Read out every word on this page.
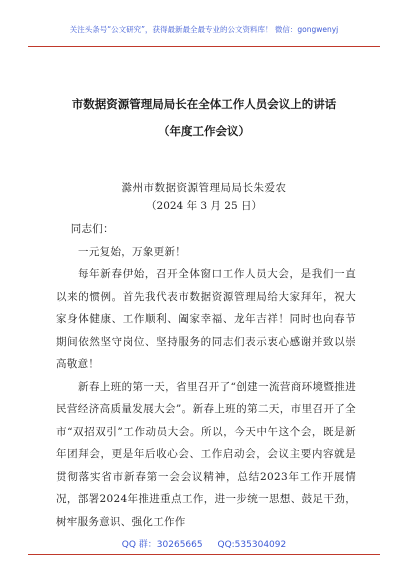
关注头条号“公文研究”，获得最新最全最专业的公文资料库！ 微信：gongwenyj
市数据资源管理局局长在全体工作人员会议上的讲话
（年度工作会议）
滁州市数据资源管理局局长朱爱农
（2024 年 3 月 25 日）

同志们：

一元复始，万象更新！

每年新春伊始，召开全体窗口工作人员大会，是我们一直以来的惯例。首先我代表市数据资源管理局给大家拜年，祝大家身体健康、工作顺利、阖家幸福、龙年吉祥！同时也向春节期间依然坚守岗位、坚持服务的同志们表示衷心感谢并致以崇高敬意！

新春上班的第一天，省里召开了“创建一流营商环境暨推进民营经济高质量发展大会”。新春上班的第二天，市里召开了全市“双招双引”工作动员大会。所以，今天中午这个会，既是新年团拜会，更是年后收心会、工作启动会，会议主要内容就是贯彻落实省市新春第一会会议精神，总结2023年工作开展情况，部署2024年推进重点工作，进一步统一思想、鼓足干劲，树牢服务意识、强化工作作

QQ 群：30265665 QQ:535304092
